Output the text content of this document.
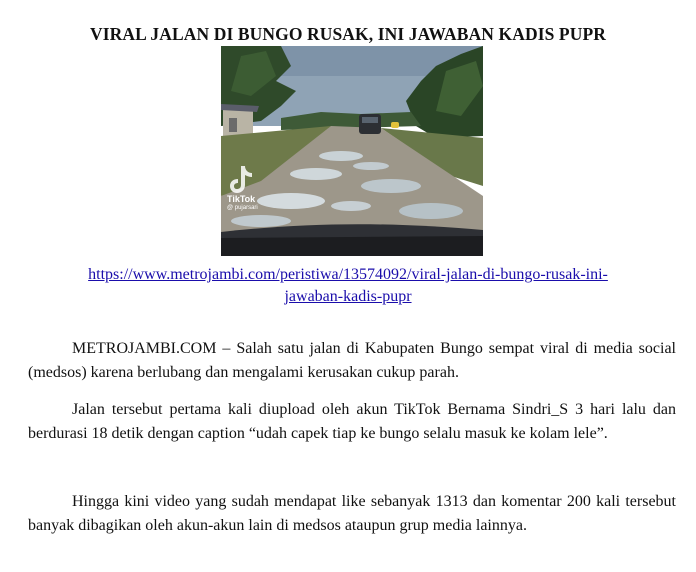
VIRAL JALAN DI BUNGO RUSAK, INI JAWABAN KADIS PUPR
TikTok
@ pujarsari
https://www.metrojambi.com/peristiwa/13574092/viral-jalan-di-bungo-rusak-ini-
jawaban-kadis-pupr

METROJAMBI.COM – Salah satu jalan di Kabupaten Bungo sempat viral di media social (medsos) karena berlubang dan mengalami kerusakan cukup parah.

Jalan tersebut pertama kali diupload oleh akun TikTok Bernama Sindri_S 3 hari lalu dan berdurasi 18 detik dengan caption “udah capek tiap ke bungo selalu masuk ke kolam lele”.

Hingga kini video yang sudah mendapat like sebanyak 1313 dan komentar 200 kali tersebut banyak dibagikan oleh akun-akun lain di medsos ataupun grup media lainnya.
